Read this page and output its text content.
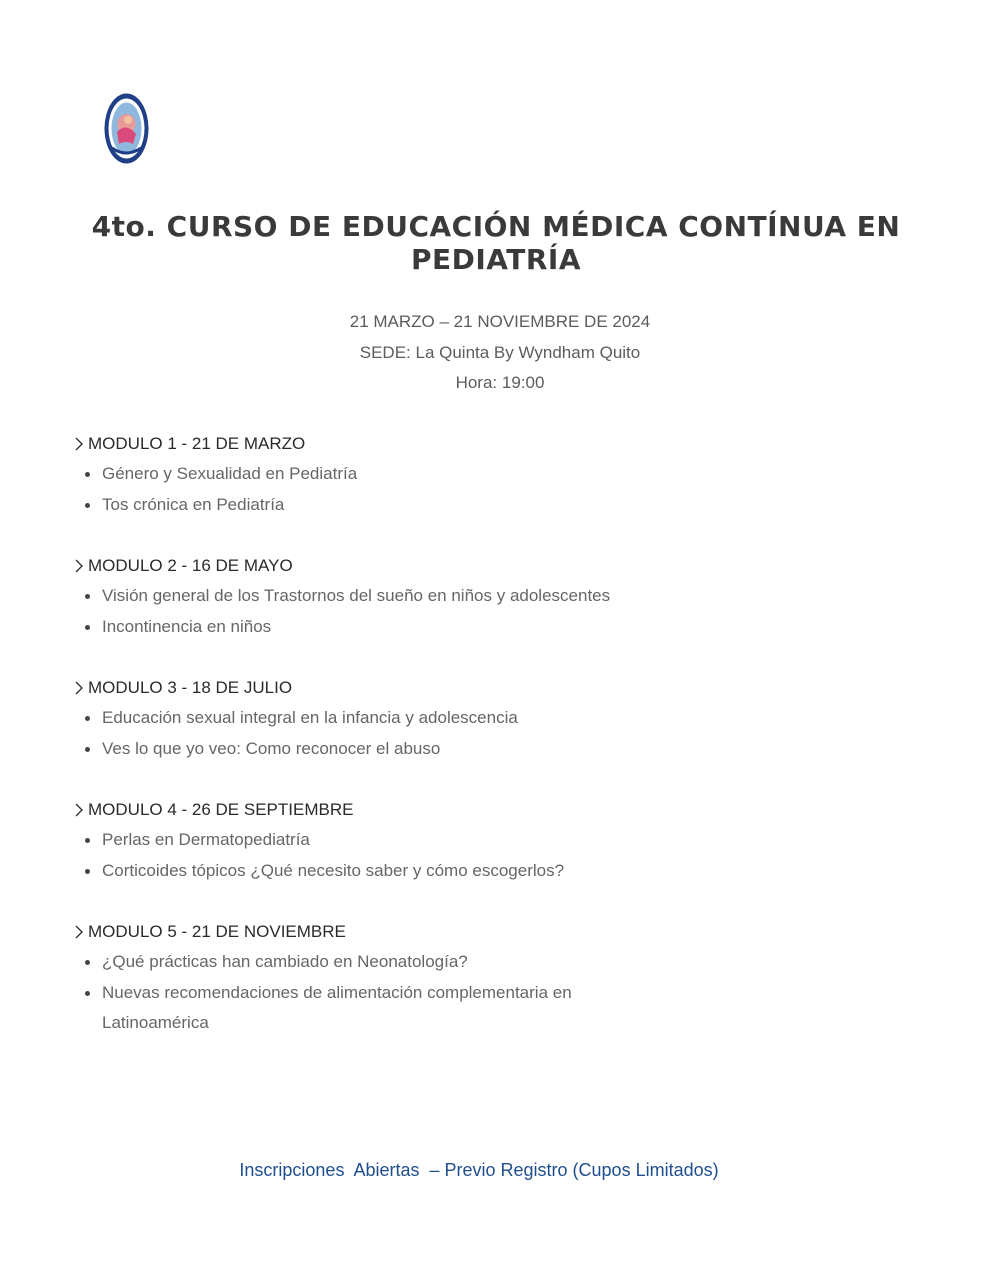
4to. CURSO DE EDUCACIÓN MÉDICA CONTÍNUA EN PEDIATRÍA
21 MARZO – 21 NOVIEMBRE DE 2024
SEDE: La Quinta By Wyndham Quito
Hora: 19:00
MODULO 1 - 21 DE MARZO
Género y Sexualidad en Pediatría
Tos crónica en Pediatría
MODULO 2 - 16 DE MAYO
Visión general de los Trastornos del sueño en niños y adolescentes
Incontinencia en niños
MODULO 3 - 18 DE JULIO
Educación sexual integral en la infancia y adolescencia
Ves lo que yo veo: Como reconocer el abuso
MODULO 4 - 26 DE SEPTIEMBRE
Perlas en Dermatopediatría
Corticoides tópicos ¿Qué necesito saber y cómo escogerlos?
MODULO 5 - 21 DE NOVIEMBRE
¿Qué prácticas han cambiado en Neonatología?
Nuevas recomendaciones de alimentación complementaria en Latinoamérica
Inscripciones  Abiertas  – Previo Registro (Cupos Limitados)
